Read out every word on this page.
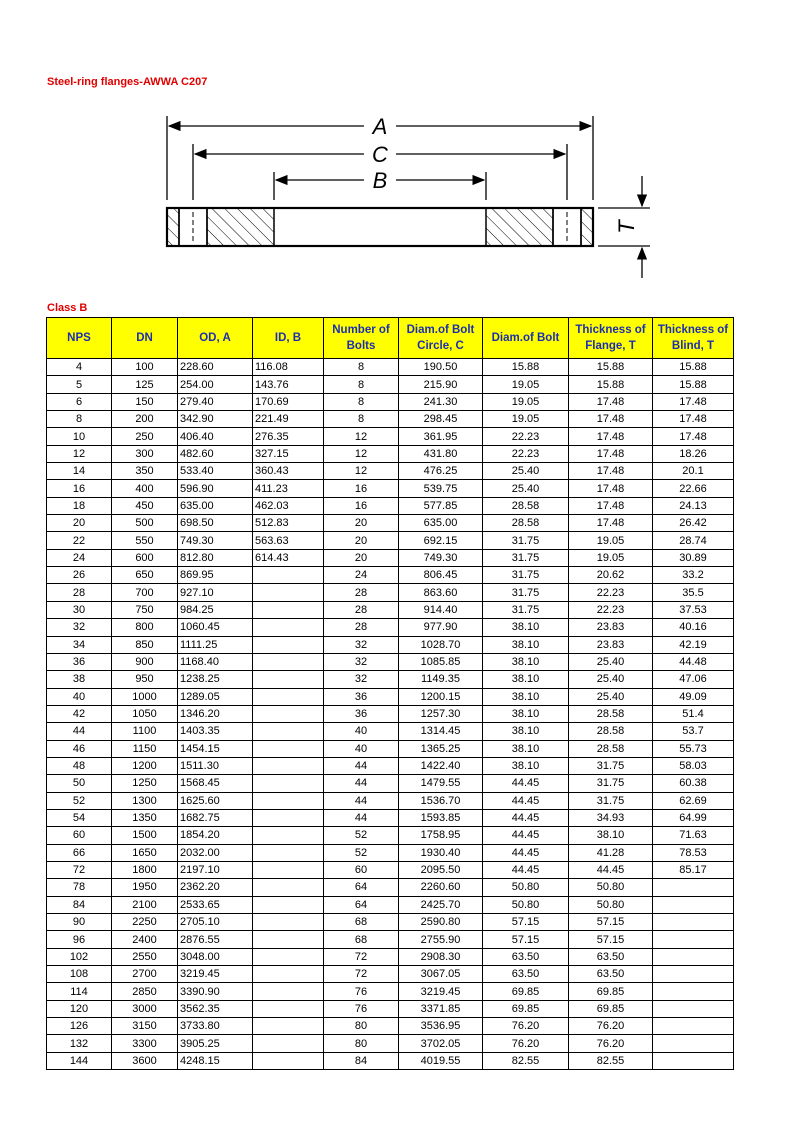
Steel-ring flanges-AWWA C207
A
C
B
T
Class B
NPS	DN	OD, A	ID, B	Number of Bolts	Diam.of Bolt Circle, C	Diam.of Bolt	Thickness of Flange, T	Thickness of Blind, T
4	100	228.60	116.08	8	190.50	15.88	15.88	15.88
5	125	254.00	143.76	8	215.90	19.05	15.88	15.88
6	150	279.40	170.69	8	241.30	19.05	17.48	17.48
8	200	342.90	221.49	8	298.45	19.05	17.48	17.48
10	250	406.40	276.35	12	361.95	22.23	17.48	17.48
12	300	482.60	327.15	12	431.80	22.23	17.48	18.26
14	350	533.40	360.43	12	476.25	25.40	17.48	20.1
16	400	596.90	411.23	16	539.75	25.40	17.48	22.66
18	450	635.00	462.03	16	577.85	28.58	17.48	24.13
20	500	698.50	512.83	20	635.00	28.58	17.48	26.42
22	550	749.30	563.63	20	692.15	31.75	19.05	28.74
24	600	812.80	614.43	20	749.30	31.75	19.05	30.89
26	650	869.95		24	806.45	31.75	20.62	33.2
28	700	927.10		28	863.60	31.75	22.23	35.5
30	750	984.25		28	914.40	31.75	22.23	37.53
32	800	1060.45		28	977.90	38.10	23.83	40.16
34	850	1111.25		32	1028.70	38.10	23.83	42.19
36	900	1168.40		32	1085.85	38.10	25.40	44.48
38	950	1238.25		32	1149.35	38.10	25.40	47.06
40	1000	1289.05		36	1200.15	38.10	25.40	49.09
42	1050	1346.20		36	1257.30	38.10	28.58	51.4
44	1100	1403.35		40	1314.45	38.10	28.58	53.7
46	1150	1454.15		40	1365.25	38.10	28.58	55.73
48	1200	1511.30		44	1422.40	38.10	31.75	58.03
50	1250	1568.45		44	1479.55	44.45	31.75	60.38
52	1300	1625.60		44	1536.70	44.45	31.75	62.69
54	1350	1682.75		44	1593.85	44.45	34.93	64.99
60	1500	1854.20		52	1758.95	44.45	38.10	71.63
66	1650	2032.00		52	1930.40	44.45	41.28	78.53
72	1800	2197.10		60	2095.50	44.45	44.45	85.17
78	1950	2362.20		64	2260.60	50.80	50.80	
84	2100	2533.65		64	2425.70	50.80	50.80	
90	2250	2705.10		68	2590.80	57.15	57.15	
96	2400	2876.55		68	2755.90	57.15	57.15	
102	2550	3048.00		72	2908.30	63.50	63.50	
108	2700	3219.45		72	3067.05	63.50	63.50	
114	2850	3390.90		76	3219.45	69.85	69.85	
120	3000	3562.35		76	3371.85	69.85	69.85	
126	3150	3733.80		80	3536.95	76.20	76.20	
132	3300	3905.25		80	3702.05	76.20	76.20	
144	3600	4248.15		84	4019.55	82.55	82.55	
